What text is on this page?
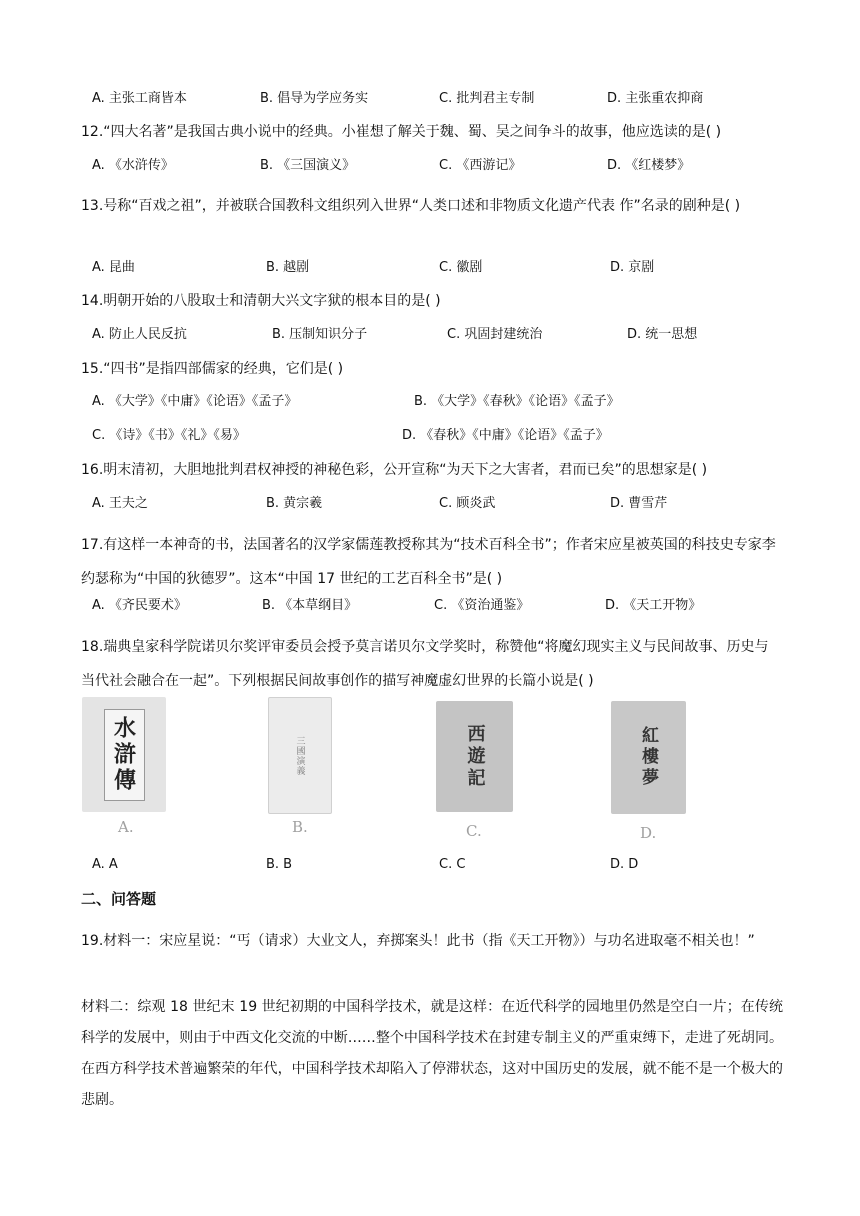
A. 主张工商皆本	B. 倡导为学应务实	C. 批判君主专制	D. 主张重农抑商
12.“四大名著”是我国古典小说中的经典。小崔想了解关于魏、蜀、吴之间争斗的故事，他应选读的是( )
A. 《水浒传》	B. 《三国演义》	C. 《西游记》	D. 《红楼梦》
13.号称“百戏之祖”，并被联合国教科文组织列入世界“人类口述和非物质文化遗产代表 作”名录的剧种是( )
A. 昆曲	B. 越剧	C. 徽剧	D. 京剧
14.明朝开始的八股取士和清朝大兴文字狱的根本目的是( )
A. 防止人民反抗	B. 压制知识分子	C. 巩固封建统治	D. 统一思想
15.“四书”是指四部儒家的经典，它们是( )
A. 《大学》《中庸》《论语》《孟子》	B. 《大学》《春秋》《论语》《孟子》
C. 《诗》《书》《礼》《易》	D. 《春秋》《中庸》《论语》《孟子》
16.明末清初，大胆地批判君权神授的神秘色彩，公开宣称“为天下之大害者，君而已矣”的思想家是( )
A. 王夫之	B. 黄宗羲	C. 顾炎武	D. 曹雪芹
17.有这样一本神奇的书，法国著名的汉学家儒莲教授称其为“技术百科全书”；作者宋应星被英国的科技史专家李约瑟称为“中国的狄德罗”。这本“中国 17 世纪的工艺百科全书”是( )
A. 《齐民要术》	B. 《本草纲目》	C. 《资治通鉴》	D. 《天工开物》
18.瑞典皇家科学院诺贝尔奖评审委员会授予莫言诺贝尔文学奖时，称赞他“将魔幻现实主义与民间故事、历史与当代社会融合在一起”。下列根据民间故事创作的描写神魔虚幻世界的长篇小说是( )
水滸傳
A.
三國演義
B.
西遊記
C.
紅樓夢
D.
A. A	B. B	C. C	D. D
二、问答题
19.材料一：宋应星说：“丐（请求）大业文人，弃掷案头！此书（指《天工开物》）与功名进取毫不相关也！”
材料二：综观 18 世纪末 19 世纪初期的中国科学技术，就是这样：在近代科学的园地里仍然是空白一片；在传统科学的发展中，则由于中西文化交流的中断……整个中国科学技术在封建专制主义的严重束缚下，走进了死胡同。在西方科学技术普遍繁荣的年代，中国科学技术却陷入了停滞状态，这对中国历史的发展，就不能不是一个极大的悲剧。
